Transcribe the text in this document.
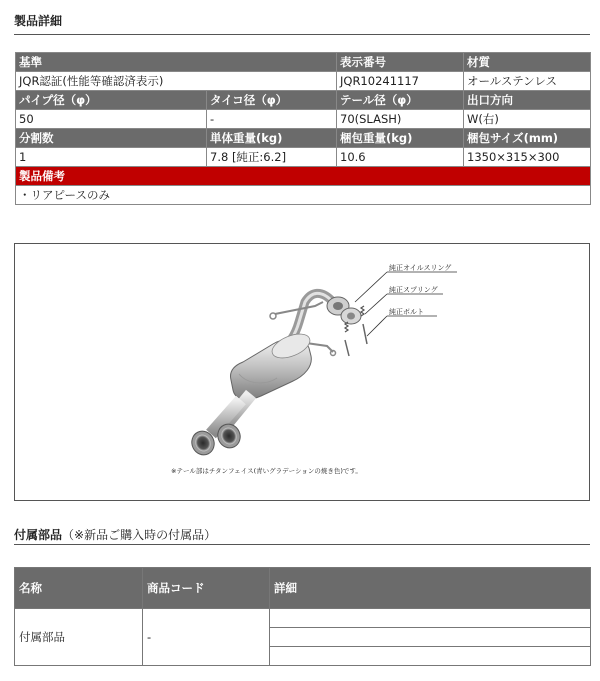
製品詳細
基準		表示番号	材質
JQR認証(性能等確認済表示)		JQR10241117	オールステンレス
パイプ径（φ）	タイコ径（φ）	テール径（φ）	出口方向
50	-	70(SLASH)	W(右)
分割数	単体重量(kg)	梱包重量(kg)	梱包サイズ(mm)
1	7.8 [純正:6.2]	10.6	1350×315×300
製品備考			
・リアピースのみ			
純正オイルスリング
純正スプリング
純正ボルト
※テール部はチタンフェイス(青いグラデーションの焼き色)です。
付属部品（※新品ご購入時の付属品）
名称	商品コード	詳細
付属部品	-	
